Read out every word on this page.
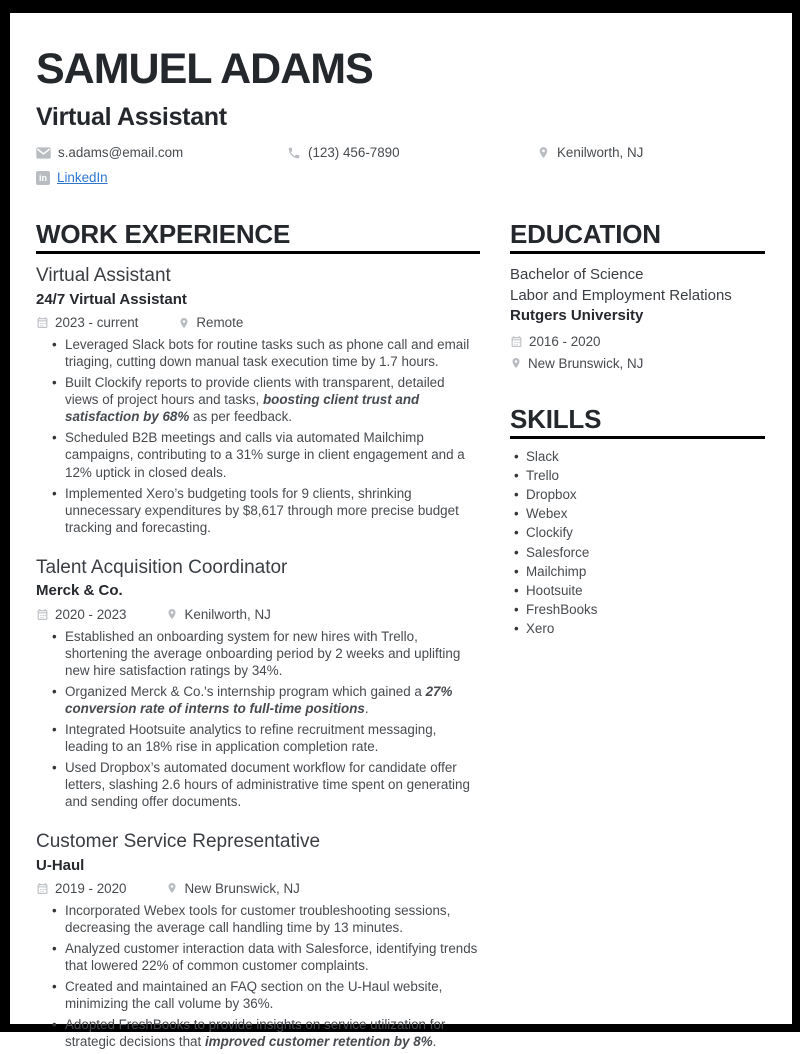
SAMUEL ADAMS
Virtual Assistant
s.adams@email.com	(123) 456-7890	Kenilworth, NJ
in LinkedIn
WORK EXPERIENCE
Virtual Assistant
24/7 Virtual Assistant
2023 - current	Remote
• Leveraged Slack bots for routine tasks such as phone call and email triaging, cutting down manual task execution time by 1.7 hours.
• Built Clockify reports to provide clients with transparent, detailed views of project hours and tasks, boosting client trust and satisfaction by 68% as per feedback.
• Scheduled B2B meetings and calls via automated Mailchimp campaigns, contributing to a 31% surge in client engagement and a 12% uptick in closed deals.
• Implemented Xero’s budgeting tools for 9 clients, shrinking unnecessary expenditures by $8,617 through more precise budget tracking and forecasting.
Talent Acquisition Coordinator
Merck & Co.
2020 - 2023	Kenilworth, NJ
• Established an onboarding system for new hires with Trello, shortening the average onboarding period by 2 weeks and uplifting new hire satisfaction ratings by 34%.
• Organized Merck & Co.'s internship program which gained a 27% conversion rate of interns to full-time positions.
• Integrated Hootsuite analytics to refine recruitment messaging, leading to an 18% rise in application completion rate.
• Used Dropbox’s automated document workflow for candidate offer letters, slashing 2.6 hours of administrative time spent on generating and sending offer documents.
Customer Service Representative
U-Haul
2019 - 2020	New Brunswick, NJ
• Incorporated Webex tools for customer troubleshooting sessions, decreasing the average call handling time by 13 minutes.
• Analyzed customer interaction data with Salesforce, identifying trends that lowered 22% of common customer complaints.
• Created and maintained an FAQ section on the U-Haul website, minimizing the call volume by 36%.
• Adopted FreshBooks to provide insights on service utilization for strategic decisions that improved customer retention by 8%.
EDUCATION

Bachelor of Science

Labor and Employment Relations

Rutgers University

2016 - 2020
New Brunswick, NJ
SKILLS
• Slack
• Trello
• Dropbox
• Webex
• Clockify
• Salesforce
• Mailchimp
• Hootsuite
• FreshBooks
• Xero
